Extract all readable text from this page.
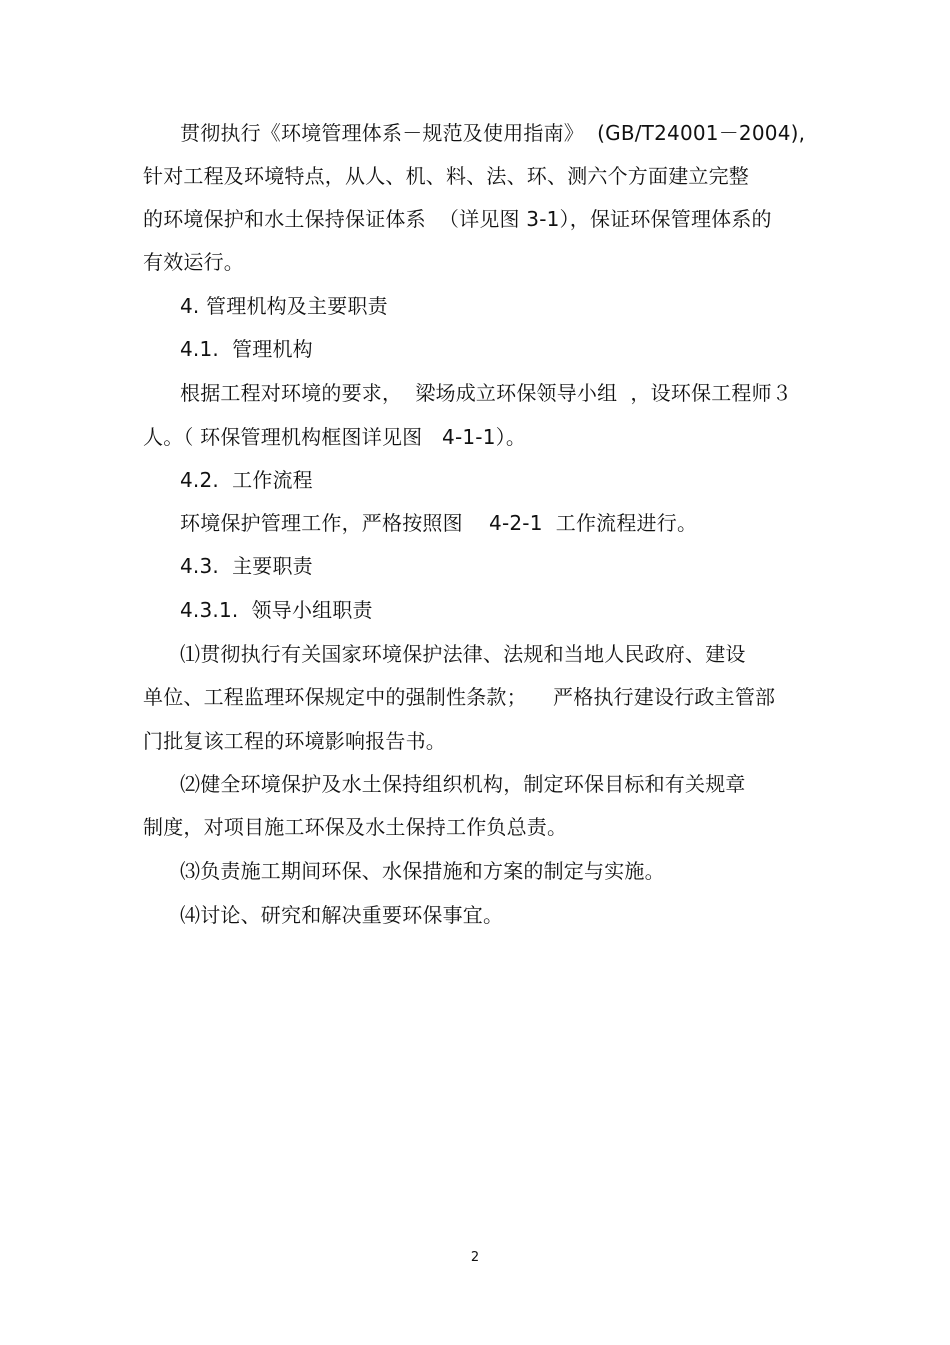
贯彻执行《环境管理体系－规范及使用指南》  (GB/T24001－2004),
针对工程及环境特点，从人、机、料、法、环、测六个方面建立完整
的环境保护和水土保持保证体系  （详见图 3-1），保证环保管理体系的
有效运行。
4. 管理机构及主要职责
4.1.  管理机构
根据工程对环境的要求，  梁场成立环保领导小组  ，设环保工程师３
人。（ 环保管理机构框图详见图   4-1-1）。
4.2.  工作流程
环境保护管理工作，严格按照图    4-2-1  工作流程进行。
4.3.  主要职责
4.3.1.  领导小组职责
⑴贯彻执行有关国家环境保护法律、法规和当地人民政府、建设
单位、工程监理环保规定中的强制性条款；    严格执行建设行政主管部
门批复该工程的环境影响报告书。
⑵健全环境保护及水土保持组织机构，制定环保目标和有关规章
制度，对项目施工环保及水土保持工作负总责。
⑶负责施工期间环保、水保措施和方案的制定与实施。
⑷讨论、研究和解决重要环保事宜。
2
